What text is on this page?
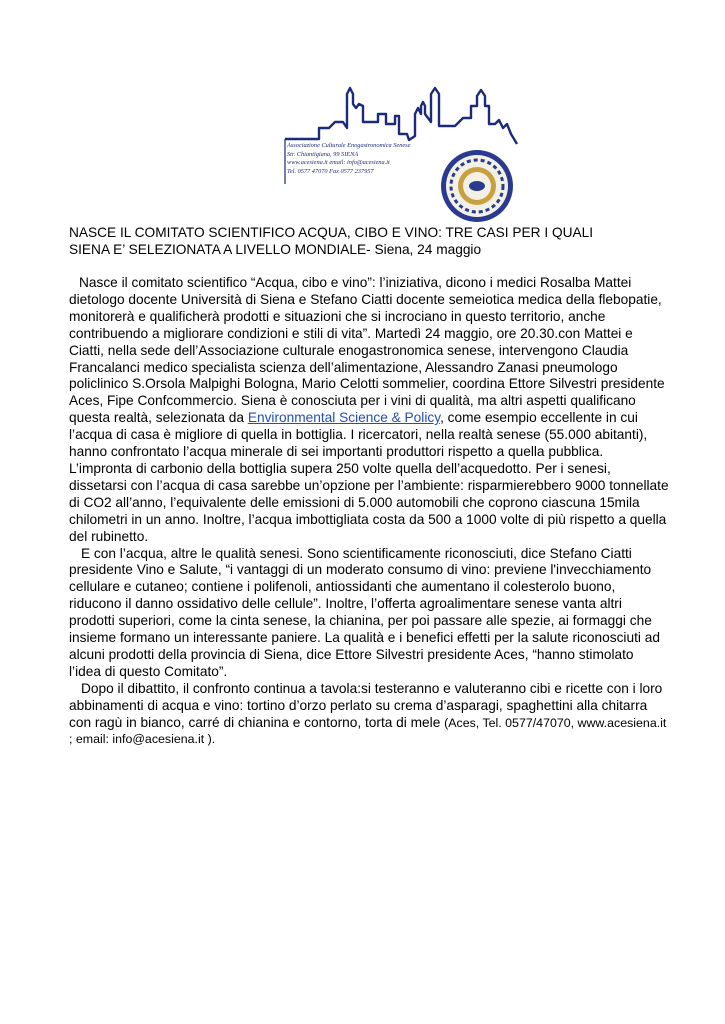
Associazione Culturale Enogastronomica Senese
Str. Chiantigiana, 99 SIENA
www.acesiena.it email: info@acesiena.it
Tel. 0577 47070 Fax 0577 237957
NASCE IL COMITATO SCIENTIFICO ACQUA, CIBO E VINO: TRE CASI PER I QUALI
SIENA E’ SELEZIONATA A LIVELLO MONDIALE- Siena, 24 maggio

Nasce il comitato scientifico “Acqua, cibo e vino”: l’iniziativa, dicono i medici Rosalba Mattei dietologo docente Università di Siena e Stefano Ciatti docente semeiotica medica della flebopatie, monitorerà e qualificherà prodotti e situazioni che si incrociano in questo territorio, anche contribuendo a migliorare condizioni e stili di vita”. Martedì 24 maggio, ore 20.30.con Mattei e Ciatti, nella sede dell’Associazione culturale enogastronomica senese, intervengono Claudia Francalanci medico specialista scienza dell’alimentazione, Alessandro Zanasi pneumologo policlinico S.Orsola Malpighi Bologna, Mario Celotti sommelier, coordina Ettore Silvestri presidente Aces, Fipe Confcommercio. Siena è conosciuta per i vini di qualità, ma altri aspetti qualificano questa realtà, selezionata da Environmental Science & Policy, come esempio eccellente in cui l’acqua di casa è migliore di quella in bottiglia. I ricercatori, nella realtà senese (55.000 abitanti), hanno confrontato l’acqua minerale di sei importanti produttori rispetto a quella pubblica. L’impronta di carbonio della bottiglia supera 250 volte quella dell’acquedotto. Per i senesi, dissetarsi con l’acqua di casa sarebbe un’opzione per l’ambiente: risparmierebbero 9000 tonnellate di CO2 all’anno, l’equivalente delle emissioni di 5.000 automobili che coprono ciascuna 15mila chilometri in un anno. Inoltre, l’acqua imbottigliata costa da 500 a 1000 volte di più rispetto a quella del rubinetto.

E con l’acqua, altre le qualità senesi. Sono scientificamente riconosciuti, dice Stefano Ciatti presidente Vino e Salute, “i vantaggi di un moderato consumo di vino: previene l'invecchiamento cellulare e cutaneo; contiene i polifenoli, antiossidanti che aumentano il colesterolo buono, riducono il danno ossidativo delle cellule”. Inoltre, l’offerta agroalimentare senese vanta altri prodotti superiori, come la cinta senese, la chianina, per poi passare alle spezie, ai formaggi che insieme formano un interessante paniere. La qualità e i benefici effetti per la salute riconosciuti ad alcuni prodotti della provincia di Siena, dice Ettore Silvestri presidente Aces, “hanno stimolato l’idea di questo Comitato”.

Dopo il dibattito, il confronto continua a tavola:si testeranno e valuteranno cibi e ricette con i loro abbinamenti di acqua e vino: tortino d’orzo perlato su crema d’asparagi, spaghettini alla chitarra con ragù in bianco, carré di chianina e contorno, torta di mele (Aces, Tel. 0577/47070, www.acesiena.it ; email: info@acesiena.it ).
